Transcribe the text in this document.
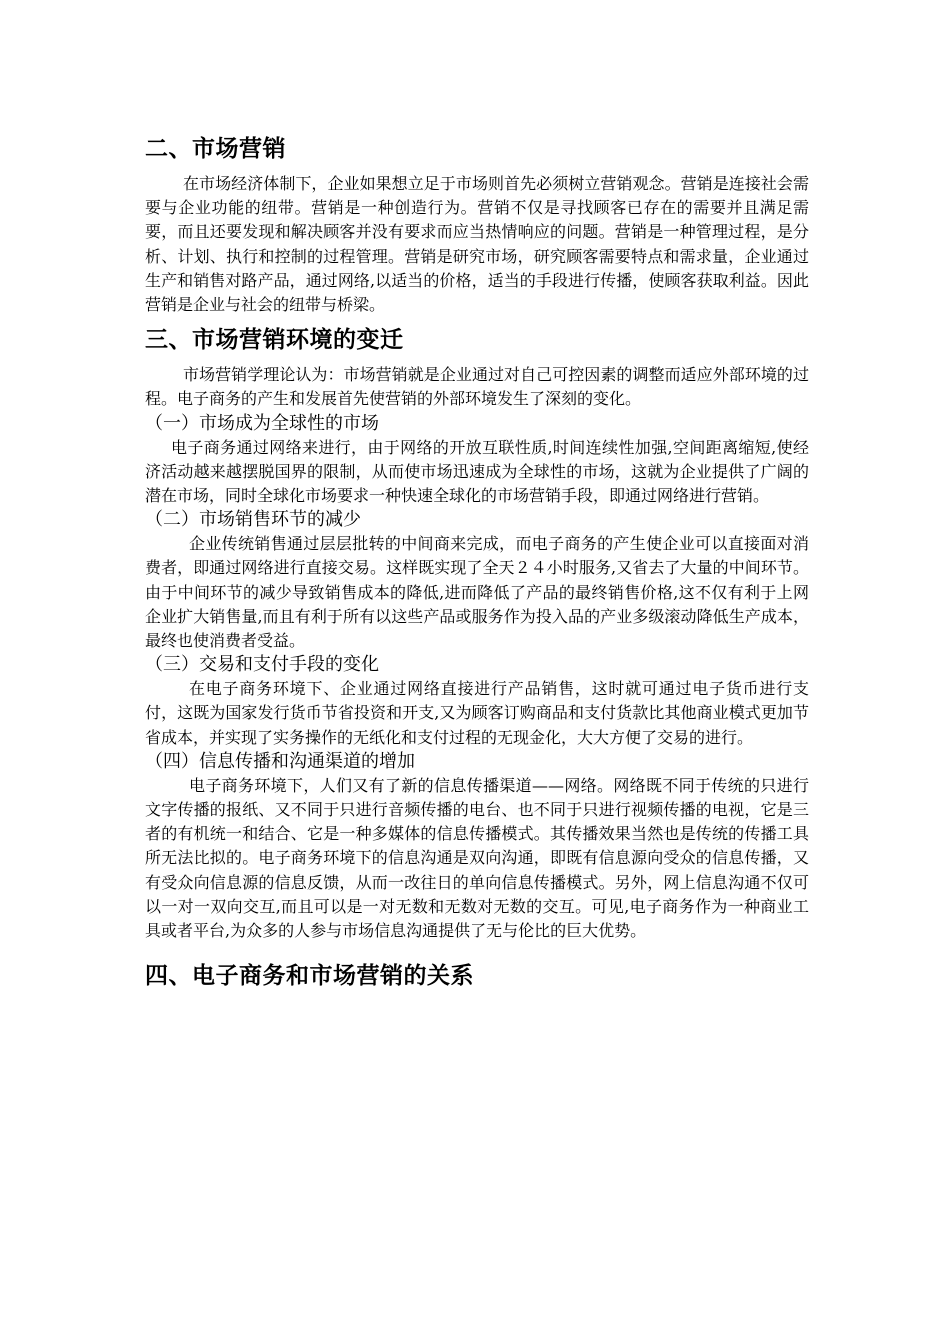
二、市场营销

在市场经济体制下，企业如果想立足于市场则首先必须树立营销观念。营销是连接社会需要与企业功能的纽带。营销是一种创造行为。营销不仅是寻找顾客已存在的需要并且满足需要，而且还要发现和解决顾客并没有要求而应当热情响应的问题。营销是一种管理过程，是分析、计划、执行和控制的过程管理。营销是研究市场，研究顾客需要特点和需求量，企业通过生产和销售对路产品，通过网络,以适当的价格，适当的手段进行传播，使顾客获取利益。因此营销是企业与社会的纽带与桥梁。

三、市场营销环境的变迁

市场营销学理论认为：市场营销就是企业通过对自己可控因素的调整而适应外部环境的过程。电子商务的产生和发展首先使营销的外部环境发生了深刻的变化。

（一）市场成为全球性的市场

电子商务通过网络来进行，由于网络的开放互联性质,时间连续性加强,空间距离缩短,使经济活动越来越摆脱国界的限制，从而使市场迅速成为全球性的市场，这就为企业提供了广阔的潜在市场，同时全球化市场要求一种快速全球化的市场营销手段，即通过网络进行营销。

（二）市场销售环节的减少

企业传统销售通过层层批转的中间商来完成，而电子商务的产生使企业可以直接面对消费者，即通过网络进行直接交易。这样既实现了全天２４小时服务,又省去了大量的中间环节。由于中间环节的减少导致销售成本的降低,进而降低了产品的最终销售价格,这不仅有利于上网企业扩大销售量,而且有利于所有以这些产品或服务作为投入品的产业多级滚动降低生产成本，最终也使消费者受益。

（三）交易和支付手段的变化

在电子商务环境下、企业通过网络直接进行产品销售，这时就可通过电子货币进行支付，这既为国家发行货币节省投资和开支,又为顾客订购商品和支付货款比其他商业模式更加节省成本，并实现了实务操作的无纸化和支付过程的无现金化，大大方便了交易的进行。

（四）信息传播和沟通渠道的增加

电子商务环境下，人们又有了新的信息传播渠道——网络。网络既不同于传统的只进行文字传播的报纸、又不同于只进行音频传播的电台、也不同于只进行视频传播的电视，它是三者的有机统一和结合、它是一种多媒体的信息传播模式。其传播效果当然也是传统的传播工具所无法比拟的。电子商务环境下的信息沟通是双向沟通，即既有信息源向受众的信息传播，又有受众向信息源的信息反馈，从而一改往日的单向信息传播模式。另外，网上信息沟通不仅可以一对一双向交互,而且可以是一对无数和无数对无数的交互。可见,电子商务作为一种商业工具或者平台,为众多的人参与市场信息沟通提供了无与伦比的巨大优势。

四、电子商务和市场营销的关系
